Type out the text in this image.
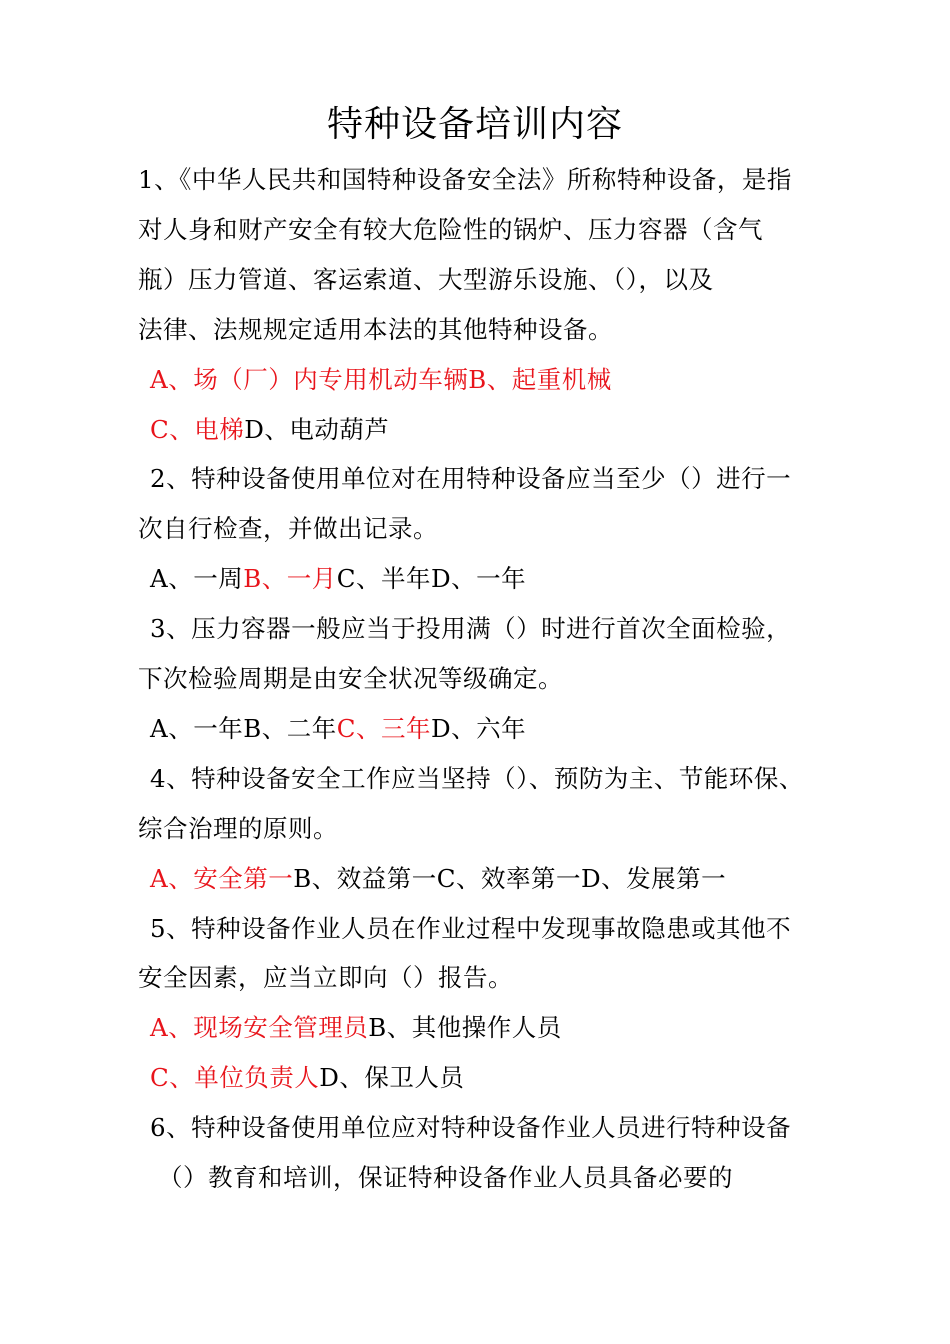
特种设备培训内容
1、《中华人民共和国特种设备安全法》所称特种设备，是指
对人身和财产安全有较大危险性的锅炉、压力容器（含气
瓶）压力管道、客运索道、大型游乐设施、（），以及
法律、法规规定适用本法的其他特种设备。
A、场（厂）内专用机动车辆B、起重机械
C、电梯D、电动葫芦
2、特种设备使用单位对在用特种设备应当至少（）进行一
次自行检查，并做出记录。
A、一周B、一月C、半年D、一年
3、压力容器一般应当于投用满（）时进行首次全面检验，
下次检验周期是由安全状况等级确定。
A、一年B、二年C、三年D、六年
4、特种设备安全工作应当坚持（）、预防为主、节能环保、
综合治理的原则。
A、安全第一B、效益第一C、效率第一D、发展第一
5、特种设备作业人员在作业过程中发现事故隐患或其他不
安全因素，应当立即向（）报告。
A、现场安全管理员B、其他操作人员
C、单位负责人D、保卫人员
6、特种设备使用单位应对特种设备作业人员进行特种设备
（）教育和培训，保证特种设备作业人员具备必要的
